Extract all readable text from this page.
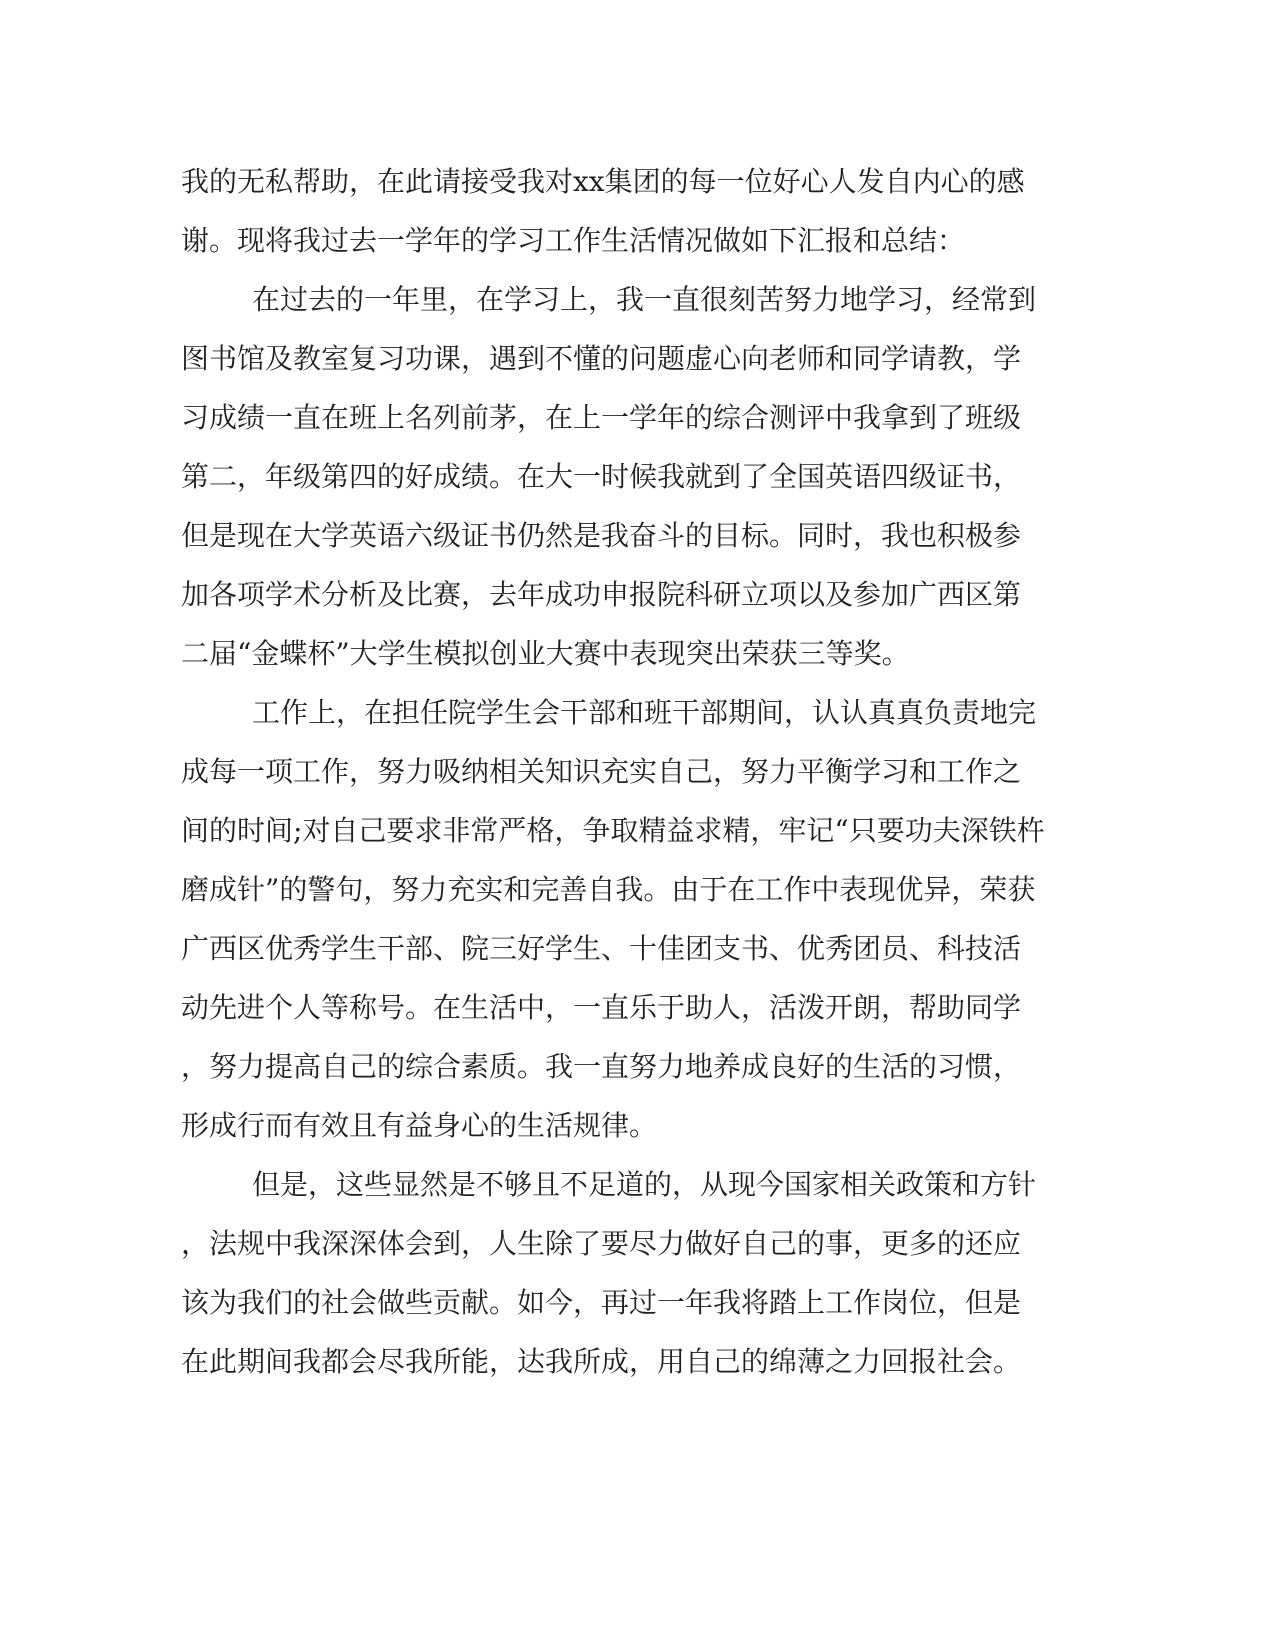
我的无私帮助，在此请接受我对xx集团的每一位好心人发自内心的感
谢。现将我过去一学年的学习工作生活情况做如下汇报和总结：
在过去的一年里，在学习上，我一直很刻苦努力地学习，经常到
图书馆及教室复习功课，遇到不懂的问题虚心向老师和同学请教，学
习成绩一直在班上名列前茅，在上一学年的综合测评中我拿到了班级
第二，年级第四的好成绩。在大一时候我就到了全国英语四级证书，
但是现在大学英语六级证书仍然是我奋斗的目标。同时，我也积极参
加各项学术分析及比赛，去年成功申报院科研立项以及参加广西区第
二届“金蝶杯”大学生模拟创业大赛中表现突出荣获三等奖。
工作上，在担任院学生会干部和班干部期间，认认真真负责地完
成每一项工作，努力吸纳相关知识充实自己，努力平衡学习和工作之
间的时间;对自己要求非常严格，争取精益求精，牢记“只要功夫深铁杵
磨成针”的警句，努力充实和完善自我。由于在工作中表现优异，荣获
广西区优秀学生干部、院三好学生、十佳团支书、优秀团员、科技活
动先进个人等称号。在生活中，一直乐于助人，活泼开朗，帮助同学
，努力提高自己的综合素质。我一直努力地养成良好的生活的习惯，
形成行而有效且有益身心的生活规律。
但是，这些显然是不够且不足道的，从现今国家相关政策和方针
，法规中我深深体会到，人生除了要尽力做好自己的事，更多的还应
该为我们的社会做些贡献。如今，再过一年我将踏上工作岗位，但是
在此期间我都会尽我所能，达我所成，用自己的绵薄之力回报社会。
